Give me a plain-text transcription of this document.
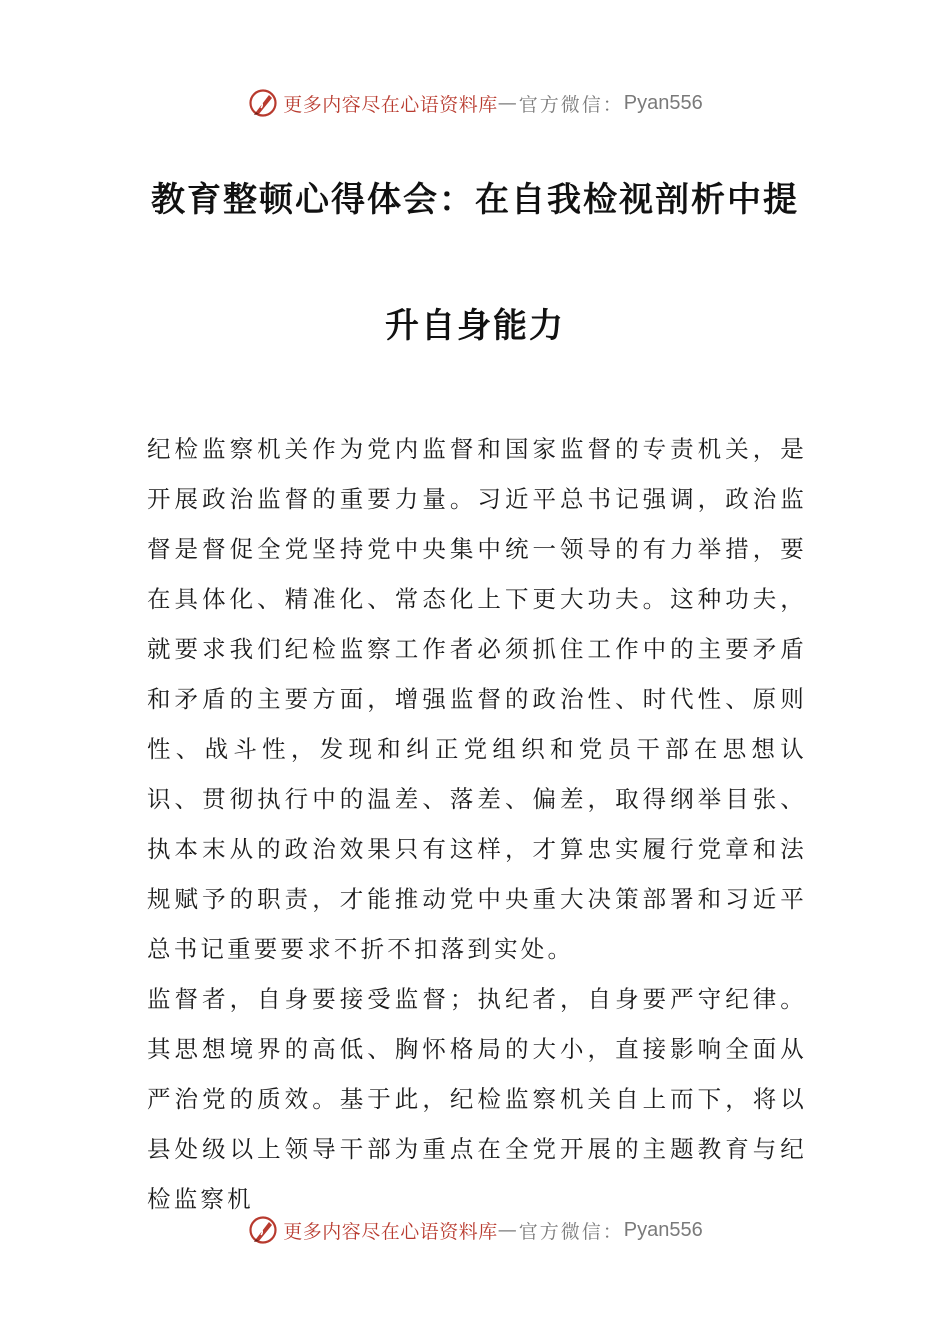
更多内容尽在心语资料库 — 官方微信： Pyan556
教育整顿心得体会：在自我检视剖析中提
升自身能力

纪检监察机关作为党内监督和国家监督的专责机关，是开展政治监督的重要力量。习近平总书记强调，政治监督是督促全党坚持党中央集中统一领导的有力举措，要在具体化、精准化、常态化上下更大功夫。这种功夫，就要求我们纪检监察工作者必须抓住工作中的主要矛盾和矛盾的主要方面，增强监督的政治性、时代性、原则性、战斗性，发现和纠正党组织和党员干部在思想认识、贯彻执行中的温差、落差、偏差，取得纲举目张、执本末从的政治效果只有这样，才算忠实履行党章和法规赋予的职责，才能推动党中央重大决策部署和习近平总书记重要要求不折不扣落到实处。

监督者，自身要接受监督；执纪者，自身要严守纪律。其思想境界的高低、胸怀格局的大小，直接影响全面从严治党的质效。基于此，纪检监察机关自上而下，将以县处级以上领导干部为重点在全党开展的主题教育与纪检监察机

更多内容尽在心语资料库 — 官方微信： Pyan556
